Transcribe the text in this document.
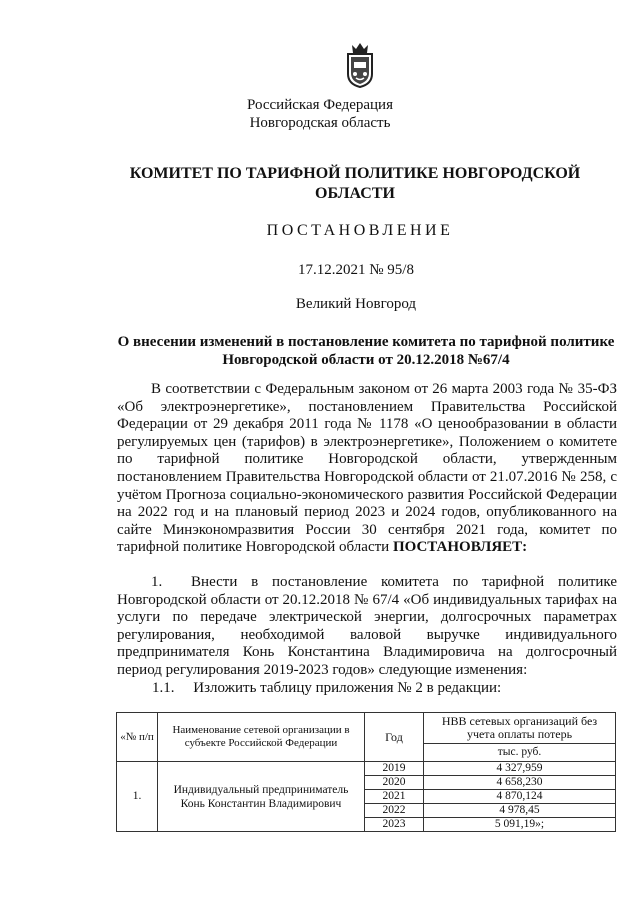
Российская Федерация
Новгородская область
КОМИТЕТ ПО ТАРИФНОЙ ПОЛИТИКЕ НОВГОРОДСКОЙ ОБЛАСТИ
ПОСТАНОВЛЕНИЕ
17.12.2021 № 95/8
Великий Новгород
О внесении изменений в постановление комитета по тарифной политике Новгородской области от 20.12.2018 №67/4
В соответствии с Федеральным законом от 26 марта 2003 года № 35-ФЗ «Об электроэнергетике», постановлением Правительства Российской Федерации от 29 декабря 2011 года № 1178 «О ценообразовании в области регулируемых цен (тарифов) в электроэнергетике», Положением о комитете по тарифной политике Новгородской области, утвержденным постановлением Правительства Новгородской области от 21.07.2016 № 258, с учётом Прогноза социально-экономического развития Российской Федерации на 2022 год и на плановый период 2023 и 2024 годов, опубликованного на сайте Минэкономразвития России 30 сентября 2021 года, комитет по тарифной политике Новгородской области ПОСТАНОВЛЯЕТ:
1.  Внести в постановление комитета по тарифной политике Новгородской области от 20.12.2018 № 67/4 «Об индивидуальных тарифах на услуги по передаче электрической энергии, долгосрочных параметрах регулирования, необходимой валовой выручке индивидуального предпринимателя Конь Константина Владимировича на долгосрочный период регулирования 2019-2023 годов» следующие изменения:
1.1.  Изложить таблицу приложения № 2 в редакции:
«№ п/п	Наименование сетевой организации в субъекте Российской Федерации	Год	НВВ сетевых организаций без учета оплаты потерь
			тыс. руб.
1.	Индивидуальный предприниматель Конь Константин Владимирович	2019	4 327,959
		2020	4 658,230
		2021	4 870,124
		2022	4 978,45
		2023	5 091,19»;
